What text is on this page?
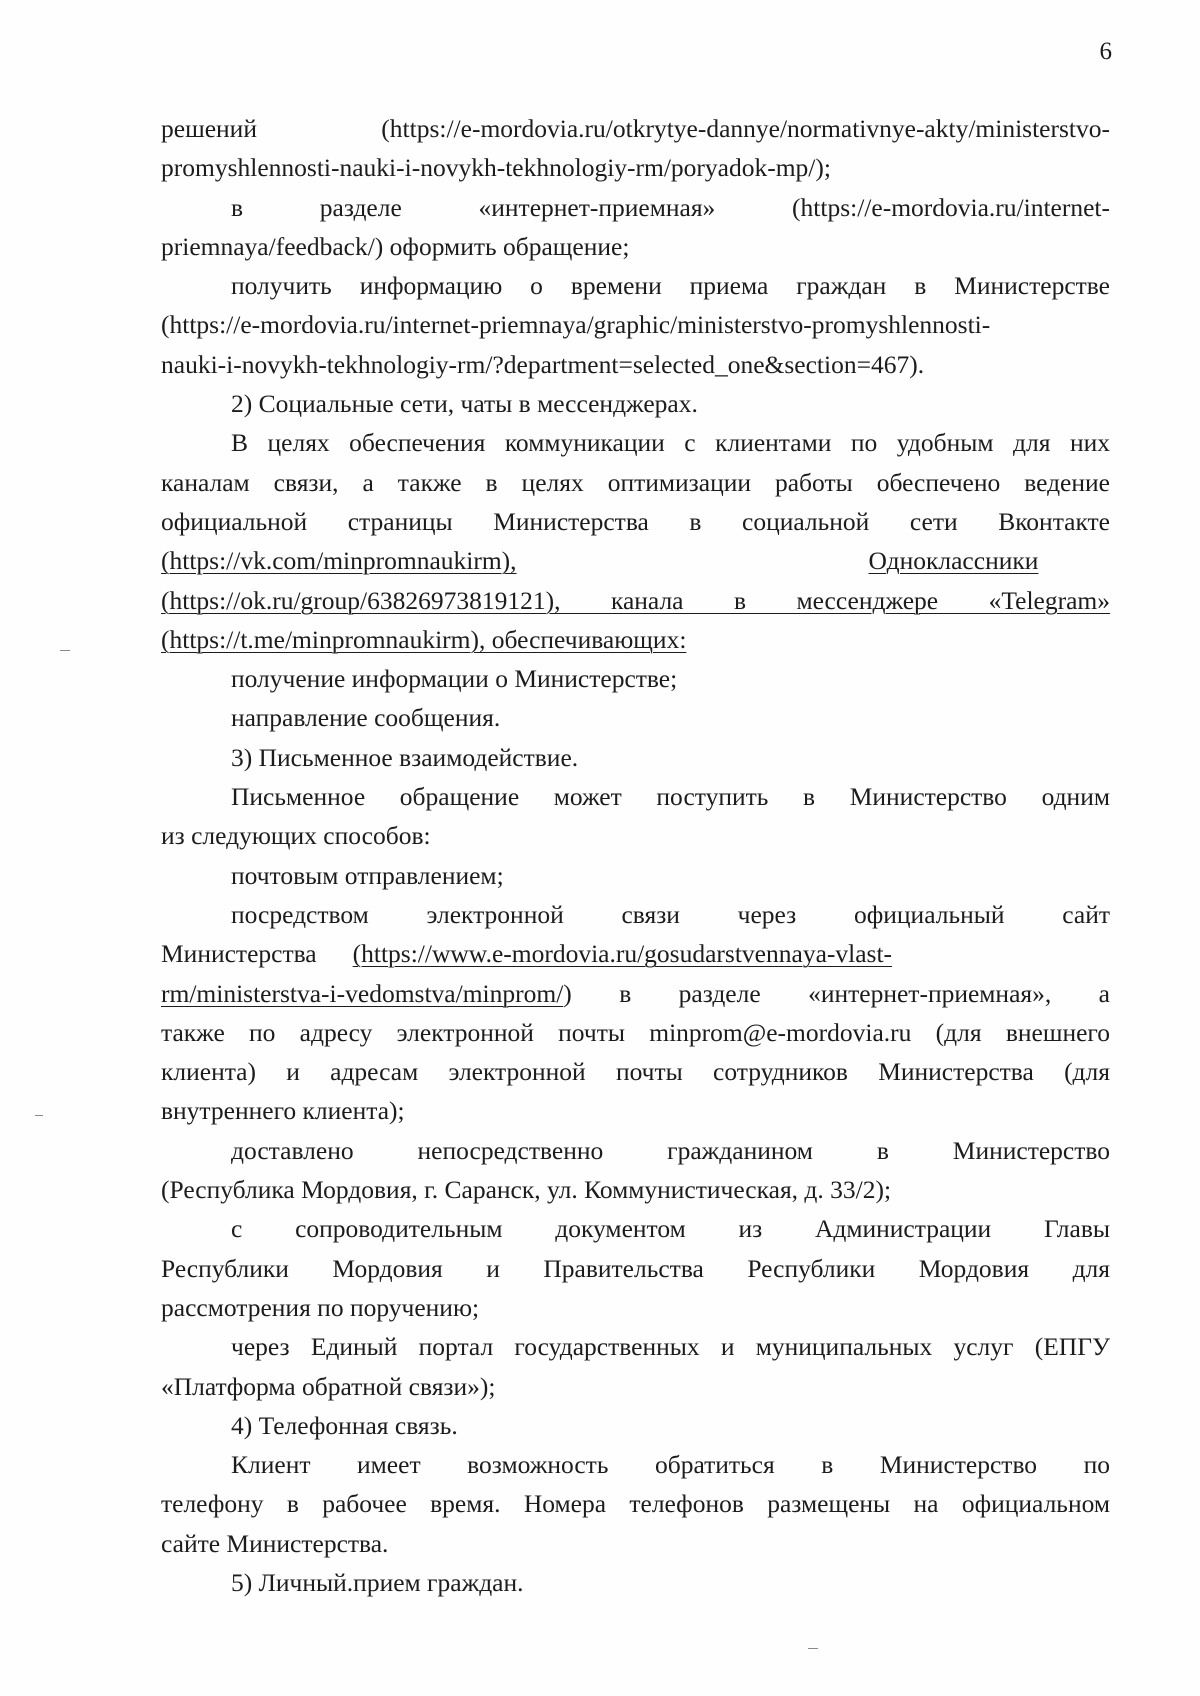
6

решений (https://e-mordovia.ru/otkrytye-dannye/normativnye-akty/ministerstvo-

promyshlennosti-nauki-i-novykh-tekhnologiy-rm/poryadok-mp/);

в разделе «интернет-приемная» (https://e-mordovia.ru/internet-

priemnaya/feedback/) оформить обращение;

получить информацию о времени приема граждан в Министерстве

(https://e-mordovia.ru/internet-priemnaya/graphic/ministerstvo-promyshlennosti-

nauki-i-novykh-tekhnologiy-rm/?department=selected_one&section=467).

2) Социальные сети, чаты в мессенджерах.

В целях обеспечения коммуникации с клиентами по удобным для них

каналам связи, а также в целях оптимизации работы обеспечено ведение

официальной страницы Министерства в социальной сети Вконтакте

(https://vk.com/minpromnaukirm),	Одноклассники

(https://ok.ru/group/63826973819121), канала в мессенджере «Telegram»

(https://t.me/minpromnaukirm), обеспечивающих:

получение информации о Министерстве;

направление сообщения.

3) Письменное взаимодействие.

Письменное обращение может поступить в Министерство одним

из следующих способов:

почтовым отправлением;

посредством электронной связи через официальный сайт

Министерства (https://www.e-mordovia.ru/gosudarstvennaya-vlast-

rm/ministerstva-i-vedomstva/minprom/) в разделе «интернет-приемная», а

также по адресу электронной почты minprom@e-mordovia.ru (для внешнего

клиента) и адресам электронной почты сотрудников Министерства (для

внутреннего клиента);

доставлено непосредственно гражданином в Министерство

(Республика Мордовия, г. Саранск, ул. Коммунистическая, д. 33/2);

с сопроводительным документом из Администрации Главы

Республики Мордовия и Правительства Республики Мордовия для

рассмотрения по поручению;

через Единый портал государственных и муниципальных услуг (ЕПГУ

«Платформа обратной связи»);

4) Телефонная связь.

Клиент имеет возможность обратиться в Министерство по

телефону в рабочее время. Номера телефонов размещены на официальном

сайте Министерства.

5) Личный.прием граждан.
